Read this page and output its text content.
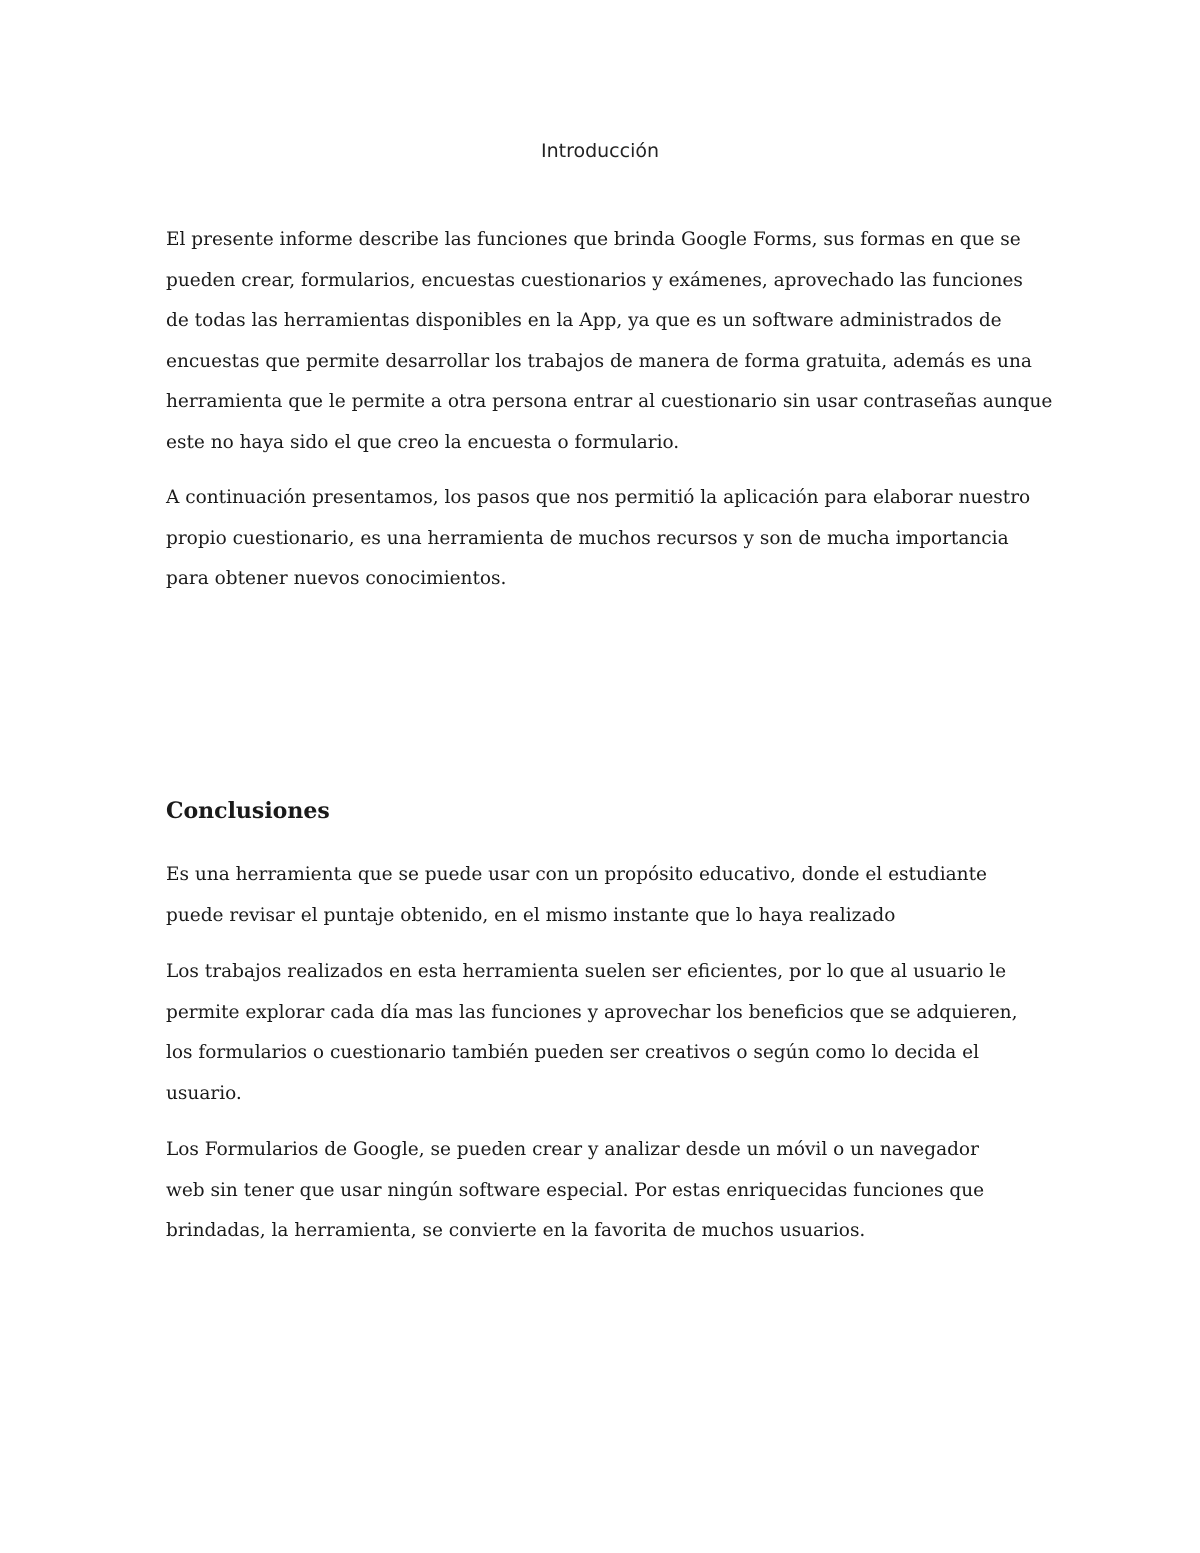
Introducción

El presente informe describe las funciones que brinda Google Forms, sus formas en que se
pueden crear, formularios, encuestas cuestionarios y exámenes, aprovechado las funciones
de todas las herramientas disponibles en la App, ya que es un software administrados de
encuestas que permite desarrollar los trabajos de manera de forma gratuita, además es una
herramienta que le permite a otra persona entrar al cuestionario sin usar contraseñas aunque
este no haya sido el que creo la encuesta o formulario.

A continuación presentamos, los pasos que nos permitió la aplicación para elaborar nuestro
propio cuestionario, es una herramienta de muchos recursos y son de mucha importancia
para obtener nuevos conocimientos.

Conclusiones

Es una herramienta que se puede usar con un propósito educativo, donde el estudiante
puede revisar el puntaje obtenido, en el mismo instante que lo haya realizado

Los trabajos realizados en esta herramienta suelen ser eficientes, por lo que al usuario le
permite explorar cada día mas las funciones y aprovechar los beneficios que se adquieren,
los formularios o cuestionario también pueden ser creativos o según como lo decida el
usuario.

Los Formularios de Google, se pueden crear y analizar desde un móvil o un navegador
web sin tener que usar ningún software especial. Por estas enriquecidas funciones que
brindadas, la herramienta, se convierte en la favorita de muchos usuarios.
